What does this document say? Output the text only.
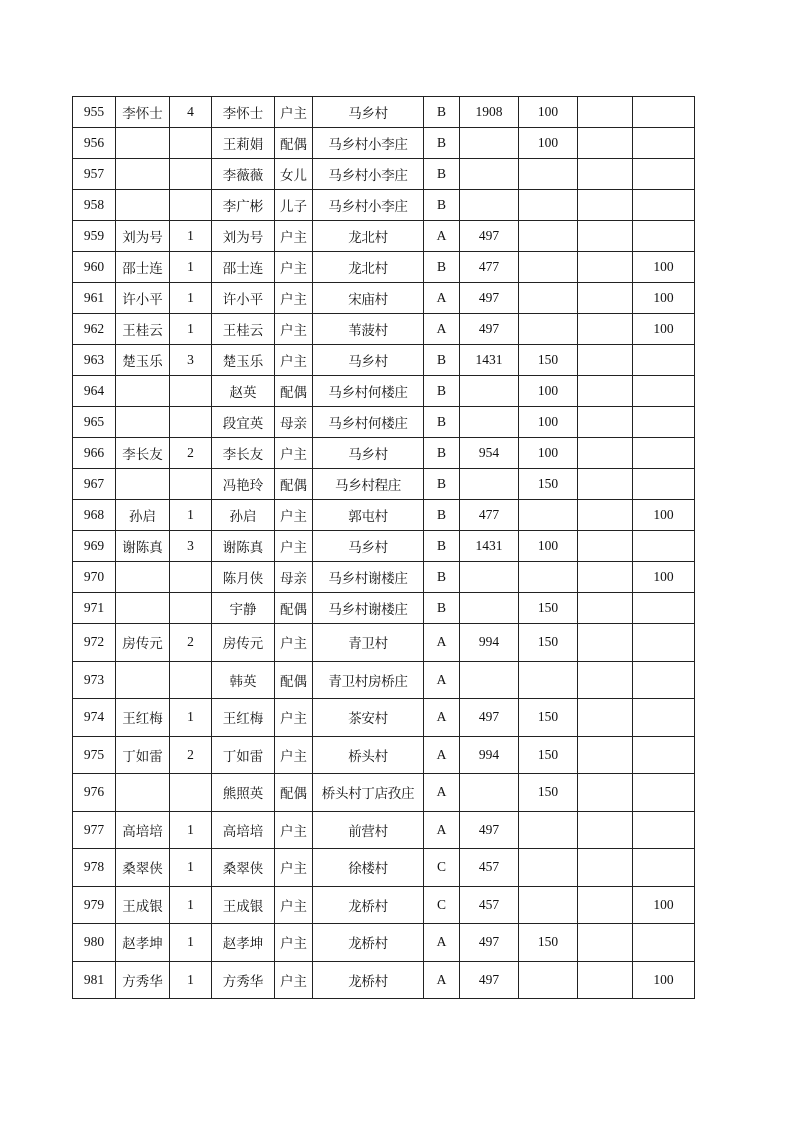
955	李怀士	4	李怀士	户主	马乡村	B	1908	100		
956			王莉娟	配偶	马乡村小李庄	B		100		
957			李薇薇	女儿	马乡村小李庄	B				
958			李广彬	儿子	马乡村小李庄	B				
959	刘为号	1	刘为号	户主	龙北村	A	497			
960	邵士连	1	邵士连	户主	龙北村	B	477			100
961	许小平	1	许小平	户主	宋庙村	A	497			100
962	王桂云	1	王桂云	户主	苇菠村	A	497			100
963	楚玉乐	3	楚玉乐	户主	马乡村	B	1431	150		
964			赵英	配偶	马乡村何楼庄	B		100		
965			段宜英	母亲	马乡村何楼庄	B		100		
966	李长友	2	李长友	户主	马乡村	B	954	100		
967			冯艳玲	配偶	马乡村程庄	B		150		
968	孙启	1	孙启	户主	郭屯村	B	477			100
969	谢陈真	3	谢陈真	户主	马乡村	B	1431	100		
970			陈月侠	母亲	马乡村谢楼庄	B				100
971			宇静	配偶	马乡村谢楼庄	B		150		
972	房传元	2	房传元	户主	青卫村	A	994	150		
973			韩英	配偶	青卫村房桥庄	A				
974	王红梅	1	王红梅	户主	茶安村	A	497	150		
975	丁如雷	2	丁如雷	户主	桥头村	A	994	150		
976			熊照英	配偶	桥头村丁店孜庄	A		150		
977	高培培	1	高培培	户主	前营村	A	497			
978	桑翠侠	1	桑翠侠	户主	徐楼村	C	457			
979	王成银	1	王成银	户主	龙桥村	C	457			100
980	赵孝坤	1	赵孝坤	户主	龙桥村	A	497	150		
981	方秀华	1	方秀华	户主	龙桥村	A	497			100
